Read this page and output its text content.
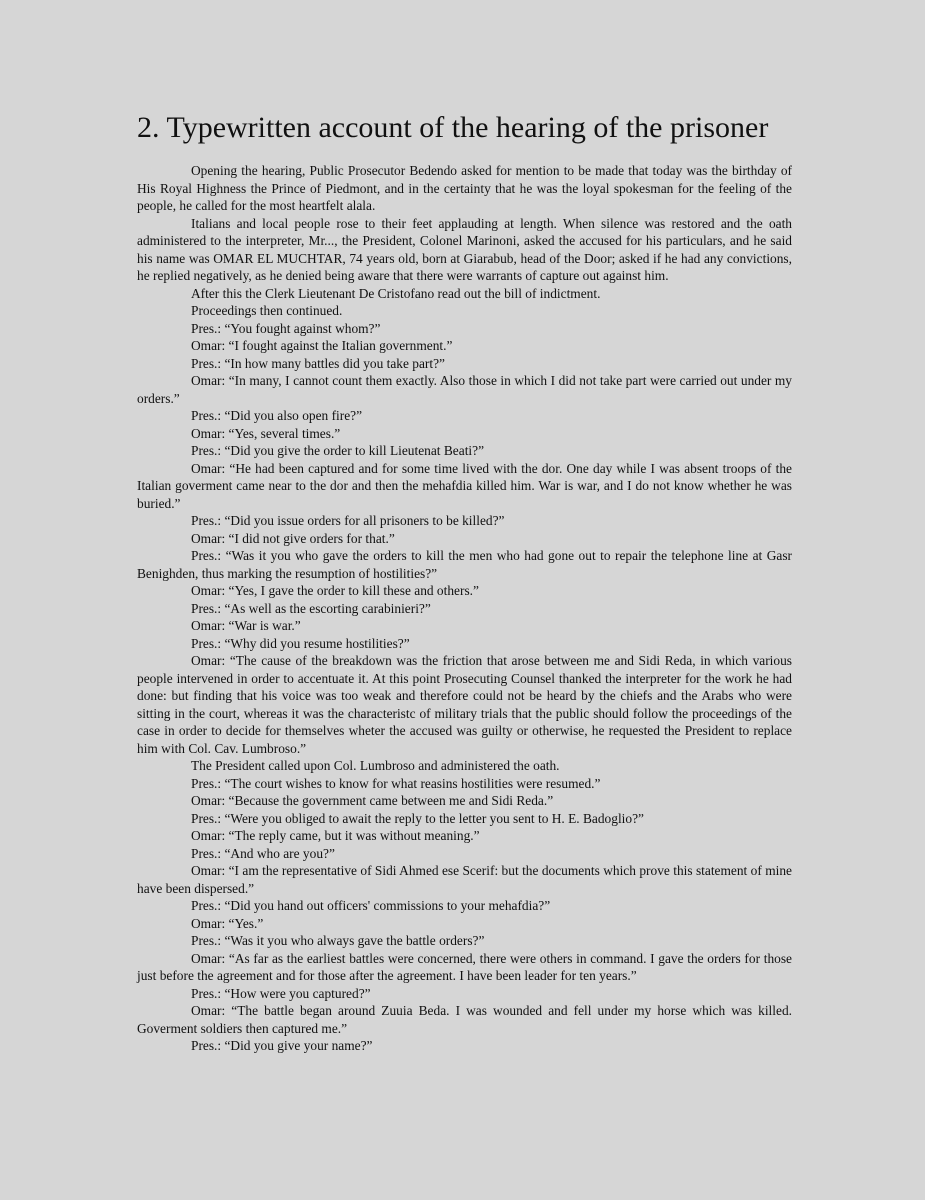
2. Typewritten account of the hearing of the prisoner

Opening the hearing, Public Prosecutor Bedendo asked for mention to be made that today was the birthday of His Royal Highness the Prince of Piedmont, and in the certainty that he was the loyal spokesman for the feeling of the people, he called for the most heartfelt alala.

Italians and local people rose to their feet applauding at length. When silence was restored and the oath administered to the interpreter, Mr..., the President, Colonel Marinoni, asked the accused for his particulars, and he said his name was OMAR EL MUCHTAR, 74 years old, born at Giarabub, head of the Door; asked if he had any convictions, he replied negatively, as he denied being aware that there were warrants of capture out against him.

After this the Clerk Lieutenant De Cristofano read out the bill of indictment.

Proceedings then continued.

Pres.: “You fought against whom?”

Omar: “I fought against the Italian government.”

Pres.: “In how many battles did you take part?”

Omar: “In many, I cannot count them exactly. Also those in which I did not take part were carried out under my orders.”

Pres.: “Did you also open fire?”

Omar: “Yes, several times.”

Pres.: “Did you give the order to kill Lieutenat Beati?”

Omar: “He had been captured and for some time lived with the dor. One day while I was absent troops of the Italian goverment came near to the dor and then the mehafdia killed him. War is war, and I do not know whether he was buried.”

Pres.: “Did you issue orders for all prisoners to be killed?”

Omar: “I did not give orders for that.”

Pres.: “Was it you who gave the orders to kill the men who had gone out to repair the telephone line at Gasr Benighden, thus marking the resumption of hostilities?”

Omar: “Yes, I gave the order to kill these and others.”

Pres.: “As well as the escorting carabinieri?”

Omar: “War is war.”

Pres.: “Why did you resume hostilities?”

Omar: “The cause of the breakdown was the friction that arose between me and Sidi Reda, in which various people intervened in order to accentuate it. At this point Prosecuting Counsel thanked the interpreter for the work he had done: but finding that his voice was too weak and therefore could not be heard by the chiefs and the Arabs who were sitting in the court, whereas it was the characteristc of military trials that the public should follow the proceedings of the case in order to decide for themselves wheter the accused was guilty or otherwise, he requested the President to replace him with Col. Cav. Lumbroso.”

The President called upon Col. Lumbroso and administered the oath.

Pres.: “The court wishes to know for what reasins hostilities were resumed.”

Omar: “Because the government came between me and Sidi Reda.”

Pres.: “Were you obliged to await the reply to the letter you sent to H. E. Badoglio?”

Omar: “The reply came, but it was without meaning.”

Pres.: “And who are you?”

Omar: “I am the representative of Sidi Ahmed ese Scerif: but the documents which prove this statement of mine have been dispersed.”

Pres.: “Did you hand out officers' commissions to your mehafdia?”

Omar: “Yes.”

Pres.: “Was it you who always gave the battle orders?”

Omar: “As far as the earliest battles were concerned, there were others in command. I gave the orders for those just before the agreement and for those after the agreement. I have been leader for ten years.”

Pres.: “How were you captured?”

Omar: “The battle began around Zuuia Beda. I was wounded and fell under my horse which was killed. Goverment soldiers then captured me.”

Pres.: “Did you give your name?”
